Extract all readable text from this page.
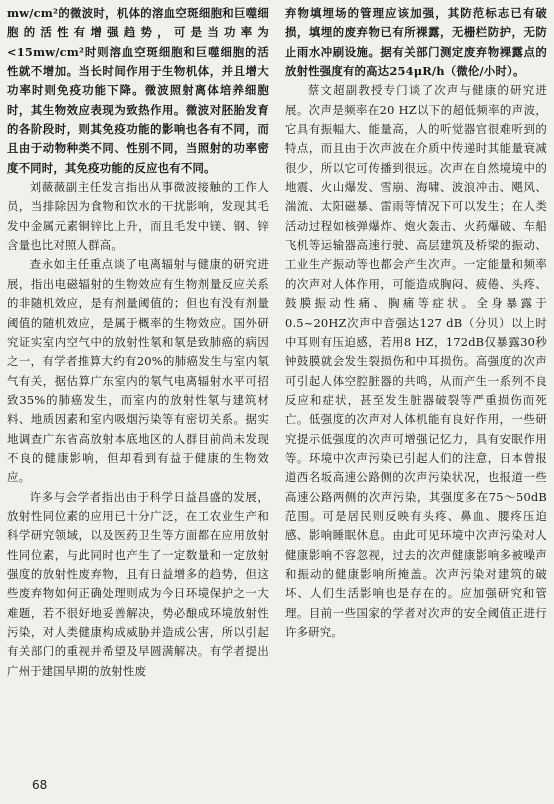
mw/cm²的微波时，机体的溶血空斑细胞和巨噬细胞的活性有增强趋势，可是当功率为<15mw/cm²时则溶血空斑细胞和巨噬细胞的活性就不增加。当长时间作用于生物机体，并且增大功率时则免疫功能下降。微波照射离体培养细胞时，其生物效应表现为致热作用。微波对胚胎发育的各阶段时，则其免疫功能的影响也各有不同，而且由于动物种类不同、性别不同，当照射的功率密度不同时，其免疫功能的反应也有不同。

刘薇薇副主任发言指出从事微波接触的工作人员，当排除因为食物和饮水的干扰影响，发现其毛发中金属元素铜锌比上升，而且毛发中镁、钢、锌含量也比对照人群高。

查永如主任重点谈了电离辐射与健康的研究进展，指出电磁辐射的生物效应有生物剂量反应关系的非随机效应，是有剂量阈值的；但也有没有剂量阈值的随机效应，是属于概率的生物效应。国外研究证实室内空气中的放射性氡和氡是致肺癌的病因之一，有学者推算大约有20%的肺癌发生与室内氡气有关，据估算广东室内的氡气电离辐射水平可招致35%的肺癌发生，而室内的放射性氡与建筑材料、地质因素和室内吸烟污染等有密切关系。据实地调查广东省高放射本底地区的人群目前尚未发现不良的健康影响，但却看到有益于健康的生物效应。

许多与会学者指出由于科学日益昌盛的发展，放射性同位素的应用已十分广泛，在工农业生产和科学研究领域，以及医药卫生等方面都在应用放射性同位素，与此同时也产生了一定数量和一定放射强度的放射性废弃物，且有日益增多的趋势，但这些废弃物如何正确处理则成为今日环境保护之一大难题，若不很好地妥善解决，势必酿成环境放射性污染，对人类健康构成威胁并造成公害，所以引起有关部门的重视并希望及早圆满解决。有学者提出广州于建国早期的放射性废

弃物填埋场的管理应该加强，其防范标志已有破损，填埋的废弃物已有所裸露，无栅栏防护，无防止雨水冲刷设施。据有关部门测定废弃物裸露点的放射性强度有的高达254μR/h（微伦/小时）。

蔡文超副教授专门谈了次声与健康的研究进展。次声是频率在20 HZ以下的超低频率的声波，它具有振幅大、能量高，人的听觉器官很难听到的特点，而且由于次声波在介质中传递时其能量衰减很少，所以它可传播到很远。次声在自然境境中的地震、火山爆发、雪崩、海啸、波浪冲击、飓风、湍流、太阳磁暴、雷雨等情况下可以发生；在人类活动过程如核弹爆炸、炮火轰击、火药爆破、车船飞机等运输器高速行驶、高层建筑及桥梁的振动、工业生产振动等也都会产生次声。一定能量和频率的次声对人体作用，可能造成胸闷、疲倦、头疼、鼓膜振动性痛、胸痛等症状。全身暴露于0.5~20HZ次声中音强达127 dB（分贝）以上时中耳则有压迫感，若用8 HZ，172dB仅暴露30秒钟鼓膜就会发生裂损伤和中耳损伤。高强度的次声可引起人体空腔脏器的共鸣，从而产生一系列不良反应和症状，甚至发生脏器破裂等严重损伤而死亡。低强度的次声对人体机能有良好作用，一些研究提示低强度的次声可增强记忆力，具有安眠作用等。环境中次声污染已引起人们的注意，日本曾报道西名坂高速公路侧的次声污染状况，也报道一些高速公路两侧的次声污染，其强度多在75～50dB范围。可是居民则反映有头疼、鼻血、腰疼压迫感、影响睡眠休息。由此可见环境中次声污染对人健康影响不容忽视，过去的次声健康影响多被噪声和振动的健康影响所掩盖。次声污染对建筑的破坏、人们生活影响也是存在的。应加强研究和管理。目前一些国家的学者对次声的安全阈值正进行许多研究。

68
